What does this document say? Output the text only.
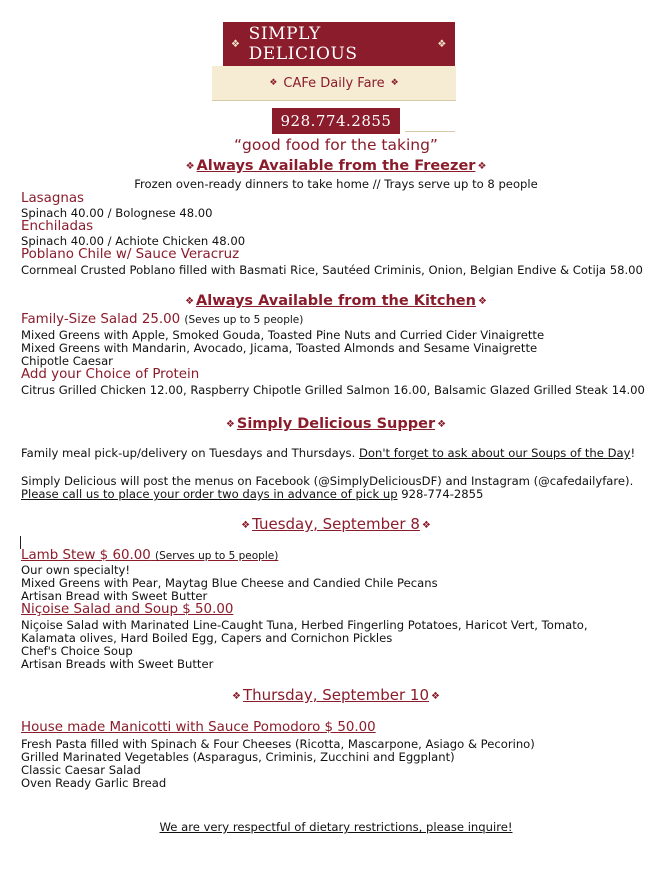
❖ SIMPLY DELICIOUS	❖
❖ CAFe Daily Fare ❖
928.774.2855
“good food for the taking”
❖ Always Available from the Freezer ❖
Frozen oven-ready dinners to take home // Trays serve up to 8 people
Lasagnas
Spinach 40.00 / Bolognese 48.00
Enchiladas
Spinach 40.00 / Achiote Chicken 48.00
Poblano Chile w/ Sauce Veracruz
Cornmeal Crusted Poblano filled with Basmati Rice, Sautéed Criminis, Onion, Belgian Endive & Cotija 58.00
❖ Always Available from the Kitchen ❖
Family-Size Salad 25.00 (Seves up to 5 people)
Mixed Greens with Apple, Smoked Gouda, Toasted Pine Nuts and Curried Cider Vinaigrette
Mixed Greens with Mandarin, Avocado, Jicama, Toasted Almonds and Sesame Vinaigrette
Chipotle Caesar
Add your Choice of Protein
Citrus Grilled Chicken 12.00, Raspberry Chipotle Grilled Salmon 16.00, Balsamic Glazed Grilled Steak 14.00
❖ Simply Delicious Supper ❖
Family meal pick-up/delivery on Tuesdays and Thursdays. Don't forget to ask about our Soups of the Day!
Simply Delicious will post the menus on Facebook (@SimplyDeliciousDF) and Instagram (@cafedailyfare).
Please call us to place your order two days in advance of pick up 928-774-2855
❖ Tuesday, September 8 ❖
Lamb Stew $ 60.00 (Serves up to 5 people)
Our own specialty!
Mixed Greens with Pear, Maytag Blue Cheese and Candied Chile Pecans
Artisan Bread with Sweet Butter
Niçoise Salad and Soup $ 50.00
Niçoise Salad with Marinated Line-Caught Tuna, Herbed Fingerling Potatoes, Haricot Vert, Tomato,
Kalamata olives, Hard Boiled Egg, Capers and Cornichon Pickles
Chef's Choice Soup
Artisan Breads with Sweet Butter
❖ Thursday, September 10 ❖
House made Manicotti with Sauce Pomodoro $ 50.00
Fresh Pasta filled with Spinach & Four Cheeses (Ricotta, Mascarpone, Asiago & Pecorino)
Grilled Marinated Vegetables (Asparagus, Criminis, Zucchini and Eggplant)
Classic Caesar Salad
Oven Ready Garlic Bread
We are very respectful of dietary restrictions, please inquire!
